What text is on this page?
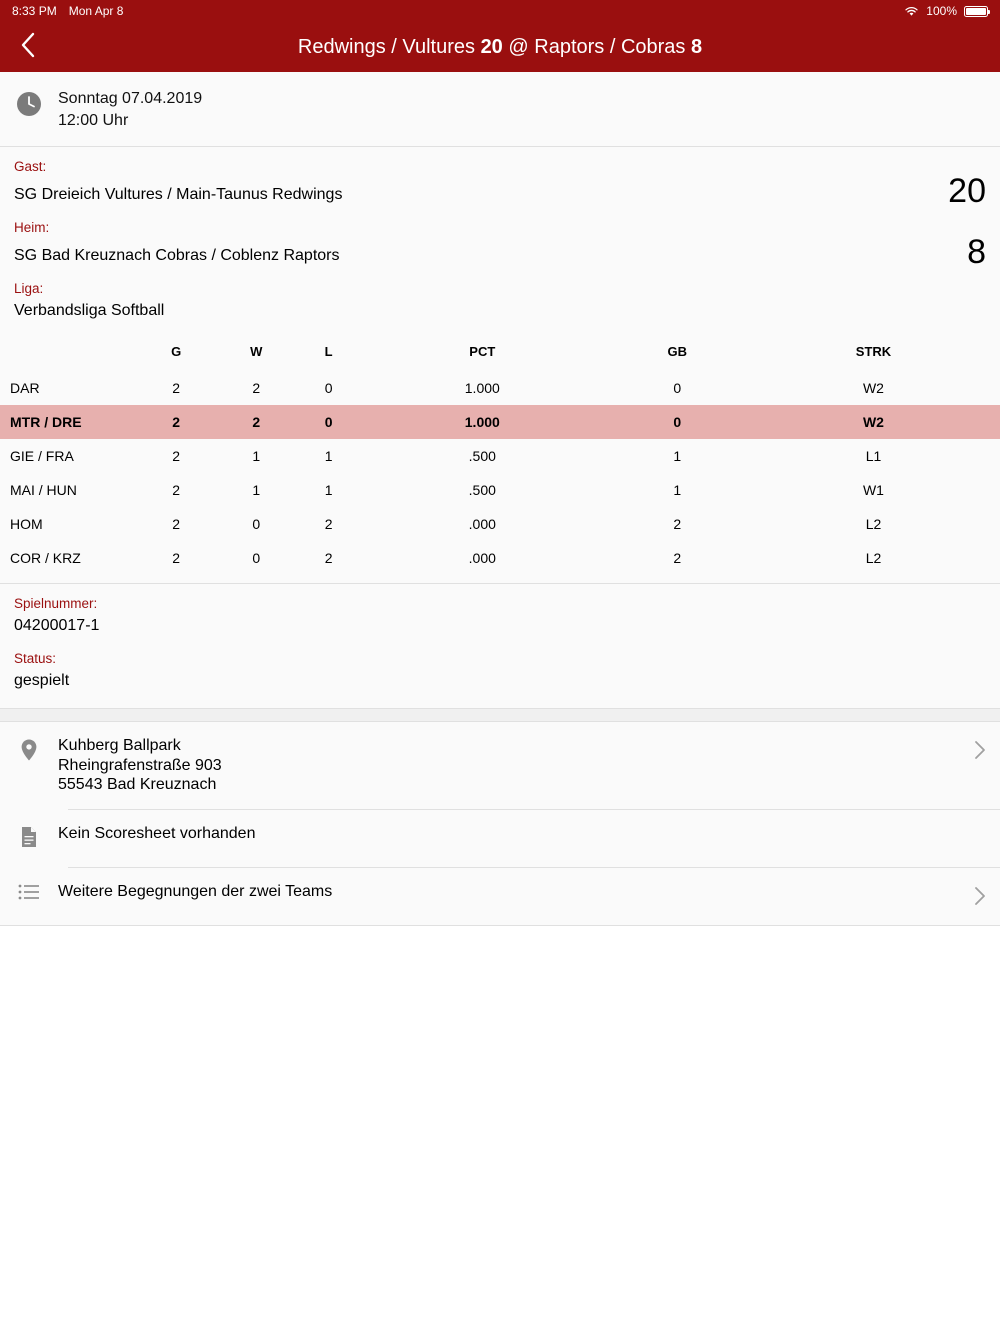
8:33 PM Mon Apr 8	100%
Redwings / Vultures 20 @ Raptors / Cobras 8
Sonntag 07.04.2019
12:00 Uhr
Gast:
SG Dreieich Vultures / Main-Taunus Redwings	20
Heim:
SG Bad Kreuznach Cobras / Coblenz Raptors	8
Liga:
Verbandsliga Softball
	G	W	L	PCT	GB	STRK
DAR	2	2	0	1.000	0	W2
MTR / DRE	2	2	0	1.000	0	W2
GIE / FRA	2	1	1	.500	1	L1
MAI / HUN	2	1	1	.500	1	W1
HOM	2	0	2	.000	2	L2
COR / KRZ	2	0	2	.000	2	L2
Spielnummer:
04200017-1
Status:
gespielt
Kuhberg Ballpark
Rheingrafenstraße 903
55543 Bad Kreuznach
Kein Scoresheet vorhanden
Weitere Begegnungen der zwei Teams
